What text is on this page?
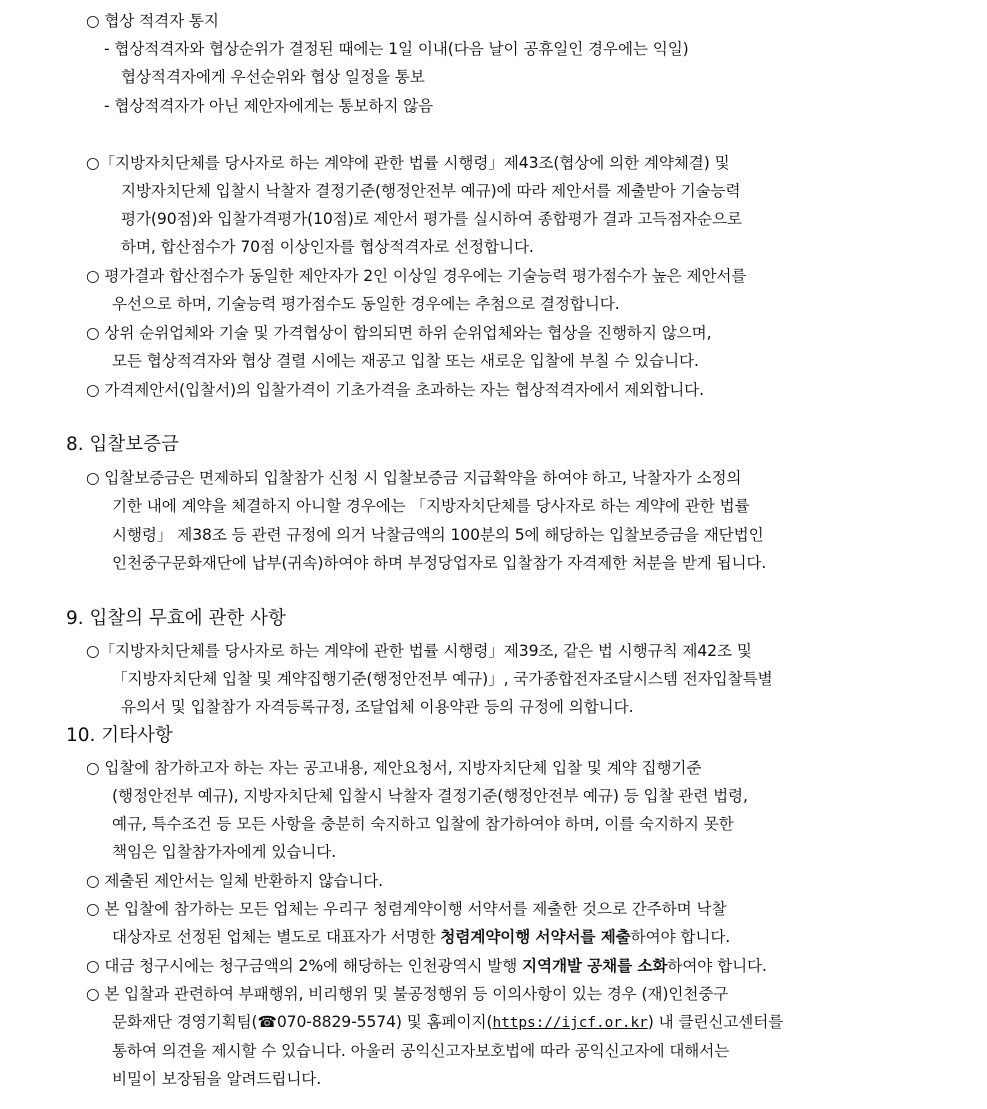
○ 협상 적격자 통지
- 협상적격자와 협상순위가 결정된 때에는 1일 이내(다음 날이 공휴일인 경우에는 익일)
협상적격자에게 우선순위와 협상 일정을 통보
- 협상적격자가 아닌 제안자에게는 통보하지 않음
○「지방자치단체를 당사자로 하는 계약에 관한 법률 시행령」제43조(협상에 의한 계약체결) 및
지방자치단체 입찰시 낙찰자 결정기준(행정안전부 예규)에 따라 제안서를 제출받아 기술능력
평가(90점)와 입찰가격평가(10점)로 제안서 평가를 실시하여 종합평가 결과 고득점자순으로
하며, 합산점수가 70점 이상인자를 협상적격자로 선정합니다.
○ 평가결과 합산점수가 동일한 제안자가 2인 이상일 경우에는 기술능력 평가점수가 높은 제안서를
우선으로 하며, 기술능력 평가점수도 동일한 경우에는 추첨으로 결정합니다.
○ 상위 순위업체와 기술 및 가격협상이 합의되면 하위 순위업체와는 협상을 진행하지 않으며,
모든 협상적격자와 협상 결렬 시에는 재공고 입찰 또는 새로운 입찰에 부칠 수 있습니다.
○ 가격제안서(입찰서)의 입찰가격이 기초가격을 초과하는 자는 협상적격자에서 제외합니다.
8. 입찰보증금
○ 입찰보증금은 면제하되 입찰참가 신청 시 입찰보증금 지급확약을 하여야 하고, 낙찰자가 소정의
기한 내에 계약을 체결하지 아니할 경우에는 「지방자치단체를 당사자로 하는 계약에 관한 법률
시행령」 제38조 등 관련 규정에 의거 낙찰금액의 100분의 5에 해당하는 입찰보증금을 재단법인
인천중구문화재단에 납부(귀속)하여야 하며 부정당업자로 입찰참가 자격제한 처분을 받게 됩니다.
9. 입찰의 무효에 관한 사항
○「지방자치단체를 당사자로 하는 계약에 관한 법률 시행령」제39조, 같은 법 시행규칙 제42조 및
「지방자치단체 입찰 및 계약집행기준(행정안전부 예규)」, 국가종합전자조달시스템 전자입찰특별
유의서 및 입찰참가 자격등록규정, 조달업체 이용약관 등의 규정에 의합니다.
10. 기타사항
○ 입찰에 참가하고자 하는 자는 공고내용, 제안요청서, 지방자치단체 입찰 및 계약 집행기준
(행정안전부 예규), 지방자치단체 입찰시 낙찰자 결정기준(행정안전부 예규) 등 입찰 관련 법령,
예규, 특수조건 등 모든 사항을 충분히 숙지하고 입찰에 참가하여야 하며, 이를 숙지하지 못한
책임은 입찰참가자에게 있습니다.
○ 제출된 제안서는 일체 반환하지 않습니다.
○ 본 입찰에 참가하는 모든 업체는 우리구 청렴계약이행 서약서를 제출한 것으로 간주하며 낙찰
대상자로 선정된 업체는 별도로 대표자가 서명한 청렴계약이행 서약서를 제출하여야 합니다.
○ 대금 청구시에는 청구금액의 2%에 해당하는 인천광역시 발행 지역개발 공채를 소화하여야 합니다.
○ 본 입찰과 관련하여 부패행위, 비리행위 및 불공정행위 등 이의사항이 있는 경우 (재)인천중구
문화재단 경영기획팀(☎070-8829-5574) 및 홈페이지(https://ijcf.or.kr) 내 클린신고센터를
통하여 의견을 제시할 수 있습니다. 아울러 공익신고자보호법에 따라 공익신고자에 대해서는
비밀이 보장됨을 알려드립니다.
